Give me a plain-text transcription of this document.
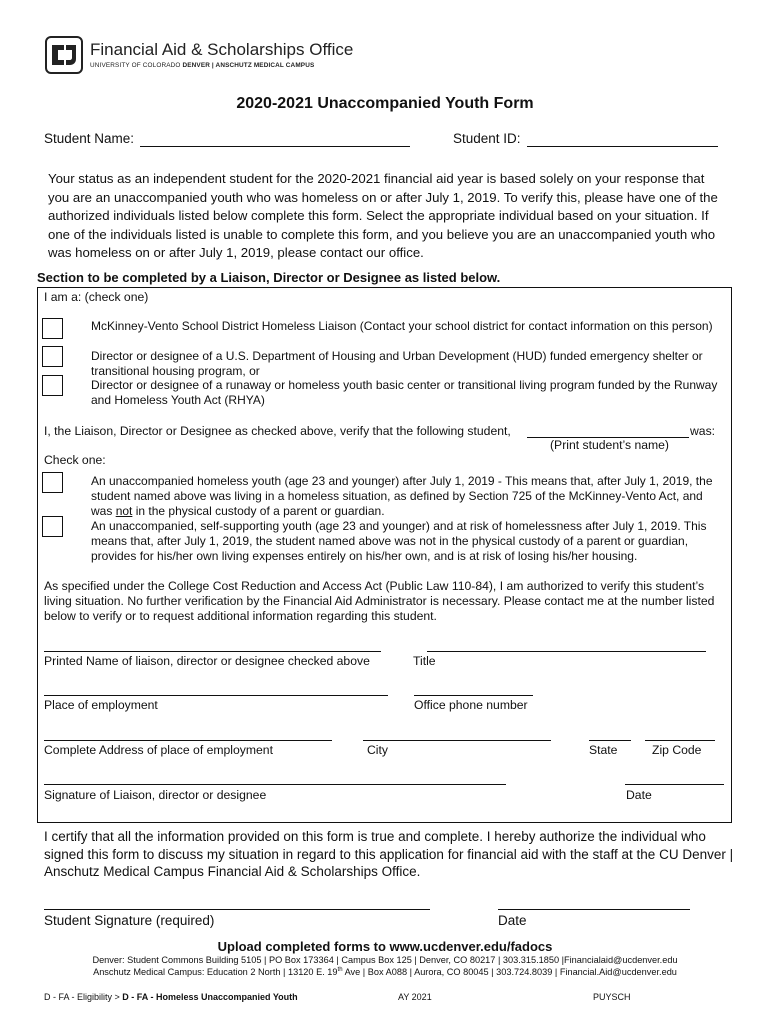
Financial Aid & Scholarships Office
UNIVERSITY OF COLORADO DENVER | ANSCHUTZ MEDICAL CAMPUS
2020-2021 Unaccompanied Youth Form
Student Name:	Student ID:
Your status as an independent student for the 2020-2021 financial aid year is based solely on your response that you are an unaccompanied youth who was homeless on or after July 1, 2019. To verify this, please have one of the authorized individuals listed below complete this form. Select the appropriate individual based on your situation. If one of the individuals listed is unable to complete this form, and you believe you are an unaccompanied youth who was homeless on or after July 1, 2019, please contact our office.
Section to be completed by a Liaison, Director or Designee as listed below.
I am a: (check one)
McKinney-Vento School District Homeless Liaison (Contact your school district for contact information on this person)
Director or designee of a U.S. Department of Housing and Urban Development (HUD) funded emergency shelter or transitional housing program, or
Director or designee of a runaway or homeless youth basic center or transitional living program funded by the Runway and Homeless Youth Act (RHYA)
I, the Liaison, Director or Designee as checked above, verify that the following student,	was:
(Print student’s name)
Check one:
An unaccompanied homeless youth (age 23 and younger) after July 1, 2019 - This means that, after July 1, 2019, the student named above was living in a homeless situation, as defined by Section 725 of the McKinney-Vento Act, and was not in the physical custody of a parent or guardian.
An unaccompanied, self-supporting youth (age 23 and younger) and at risk of homelessness after July 1, 2019. This means that, after July 1, 2019, the student named above was not in the physical custody of a parent or guardian, provides for his/her own living expenses entirely on his/her own, and is at risk of losing his/her housing.
As specified under the College Cost Reduction and Access Act (Public Law 110-84), I am authorized to verify this student’s living situation. No further verification by the Financial Aid Administrator is necessary. Please contact me at the number listed below to verify or to request additional information regarding this student.
Printed Name of liaison, director or designee checked above	Title
Place of employment	Office phone number
Complete Address of place of employment	City	State	Zip Code
Signature of Liaison, director or designee	Date
I certify that all the information provided on this form is true and complete. I hereby authorize the individual who signed this form to discuss my situation in regard to this application for financial aid with the staff at the CU Denver | Anschutz Medical Campus Financial Aid & Scholarships Office.
Student Signature (required)	Date
Upload completed forms to www.ucdenver.edu/fadocs
Denver: Student Commons Building 5105 | PO Box 173364 | Campus Box 125 | Denver, CO 80217 | 303.315.1850 |Financialaid@ucdenver.edu
Anschutz Medical Campus: Education 2 North | 13120 E. 19th Ave | Box A088 | Aurora, CO 80045 | 303.724.8039 | Financial.Aid@ucdenver.edu
D - FA - Eligibility > D - FA - Homeless Unaccompanied Youth	AY 2021	PUYSCH
